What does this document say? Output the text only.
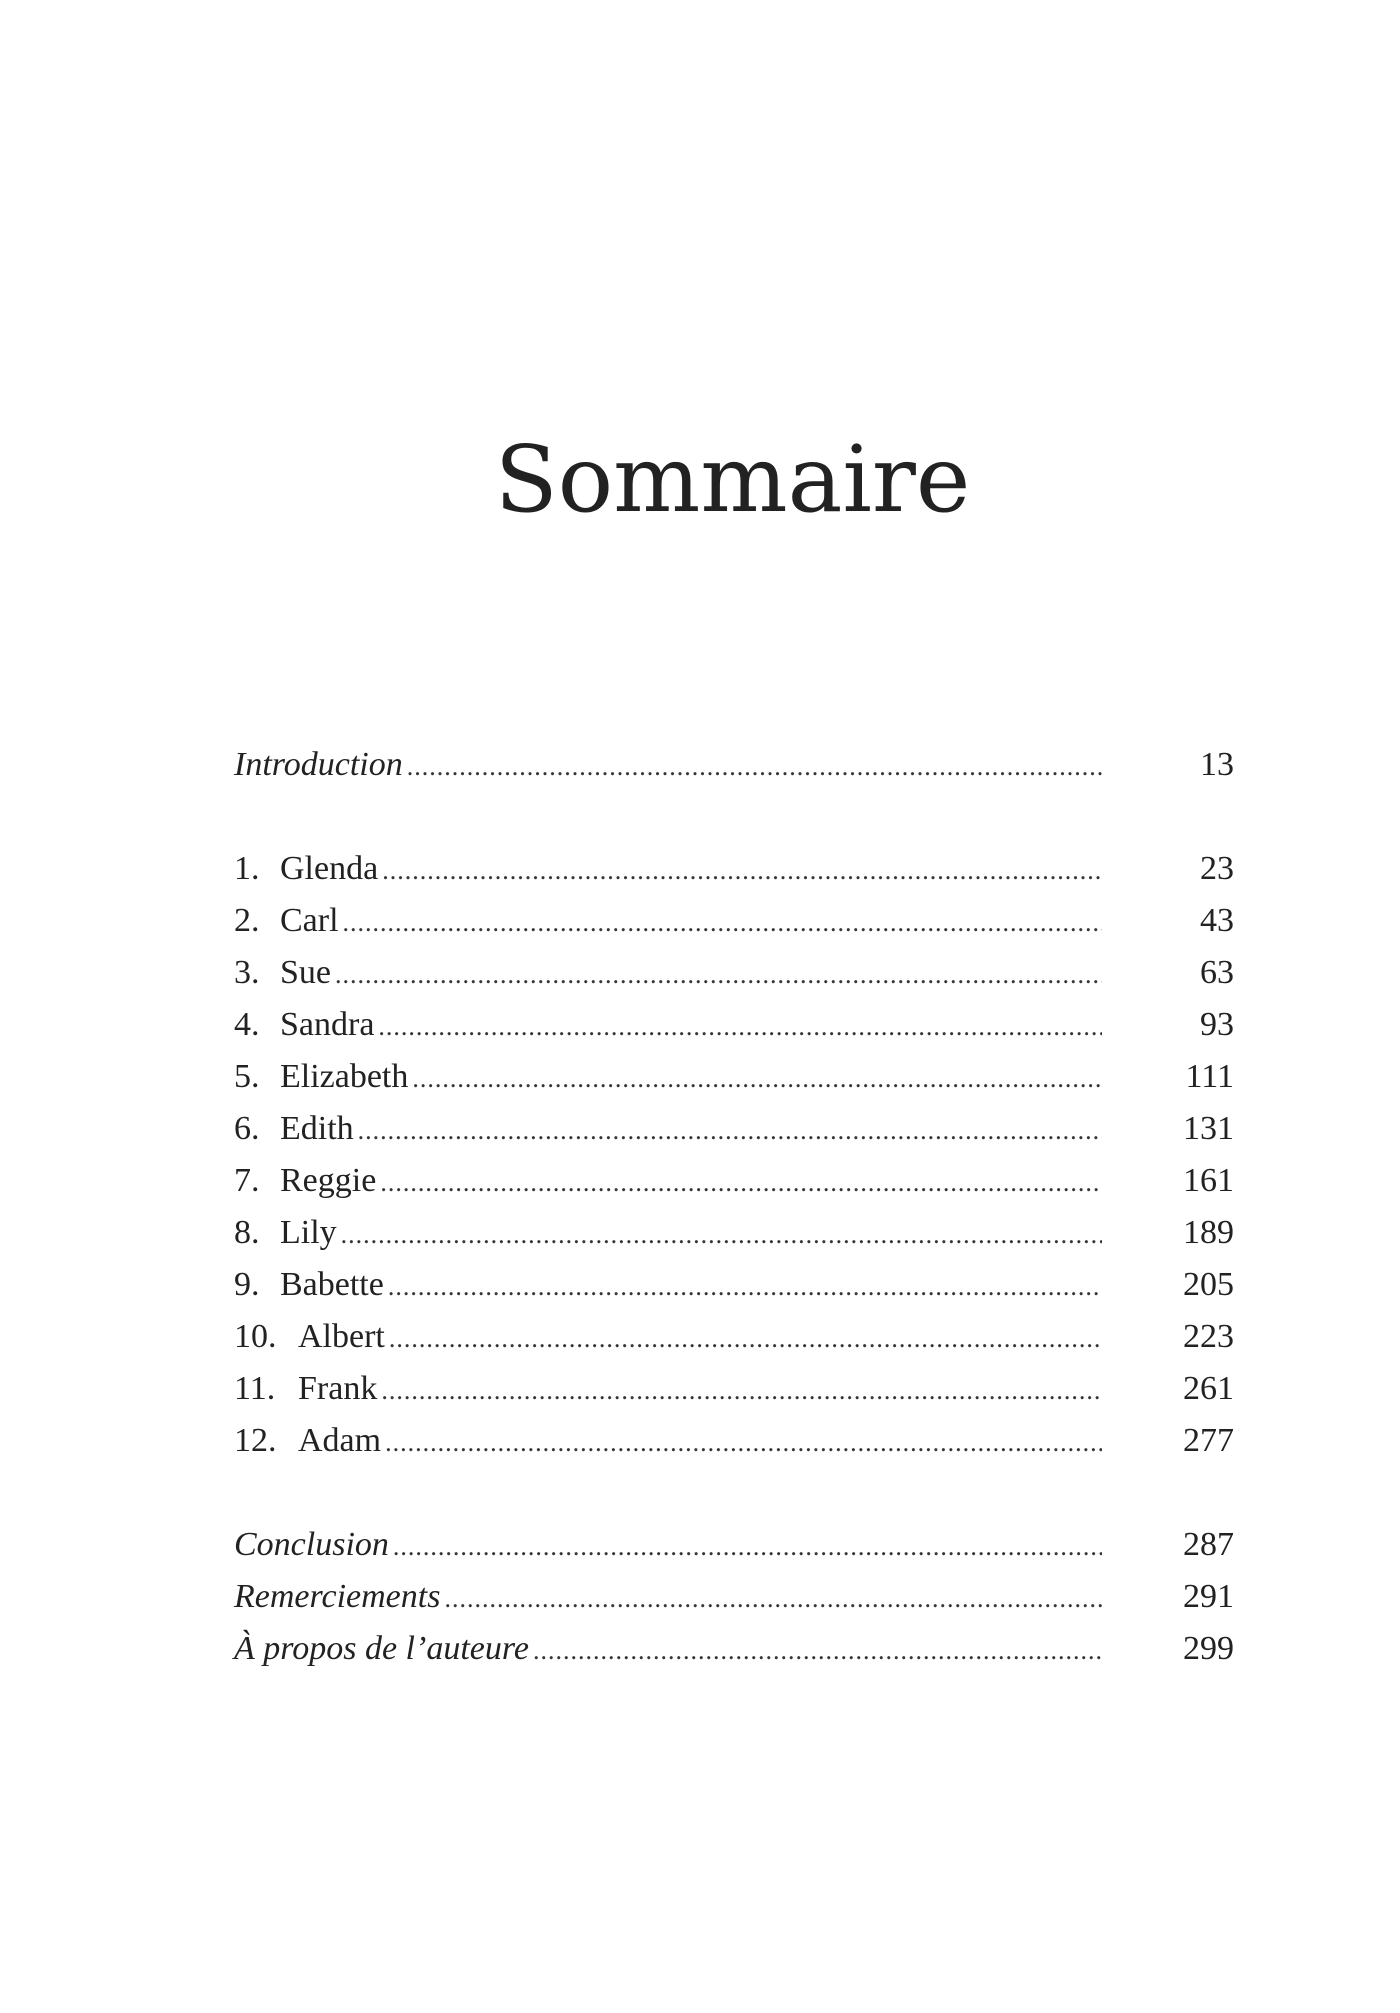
Sommaire
Introduction .....	13
1. Glenda .....	23
2. Carl .....	43
3. Sue .....	63
4. Sandra .....	93
5. Elizabeth .....	111
6. Edith .....	131
7. Reggie .....	161
8. Lily .....	189
9. Babette .....	205
10. Albert .....	223
11. Frank .....	261
12. Adam .....	277
Conclusion .....	287
Remerciements .....	291
À propos de l’auteure .....	299
